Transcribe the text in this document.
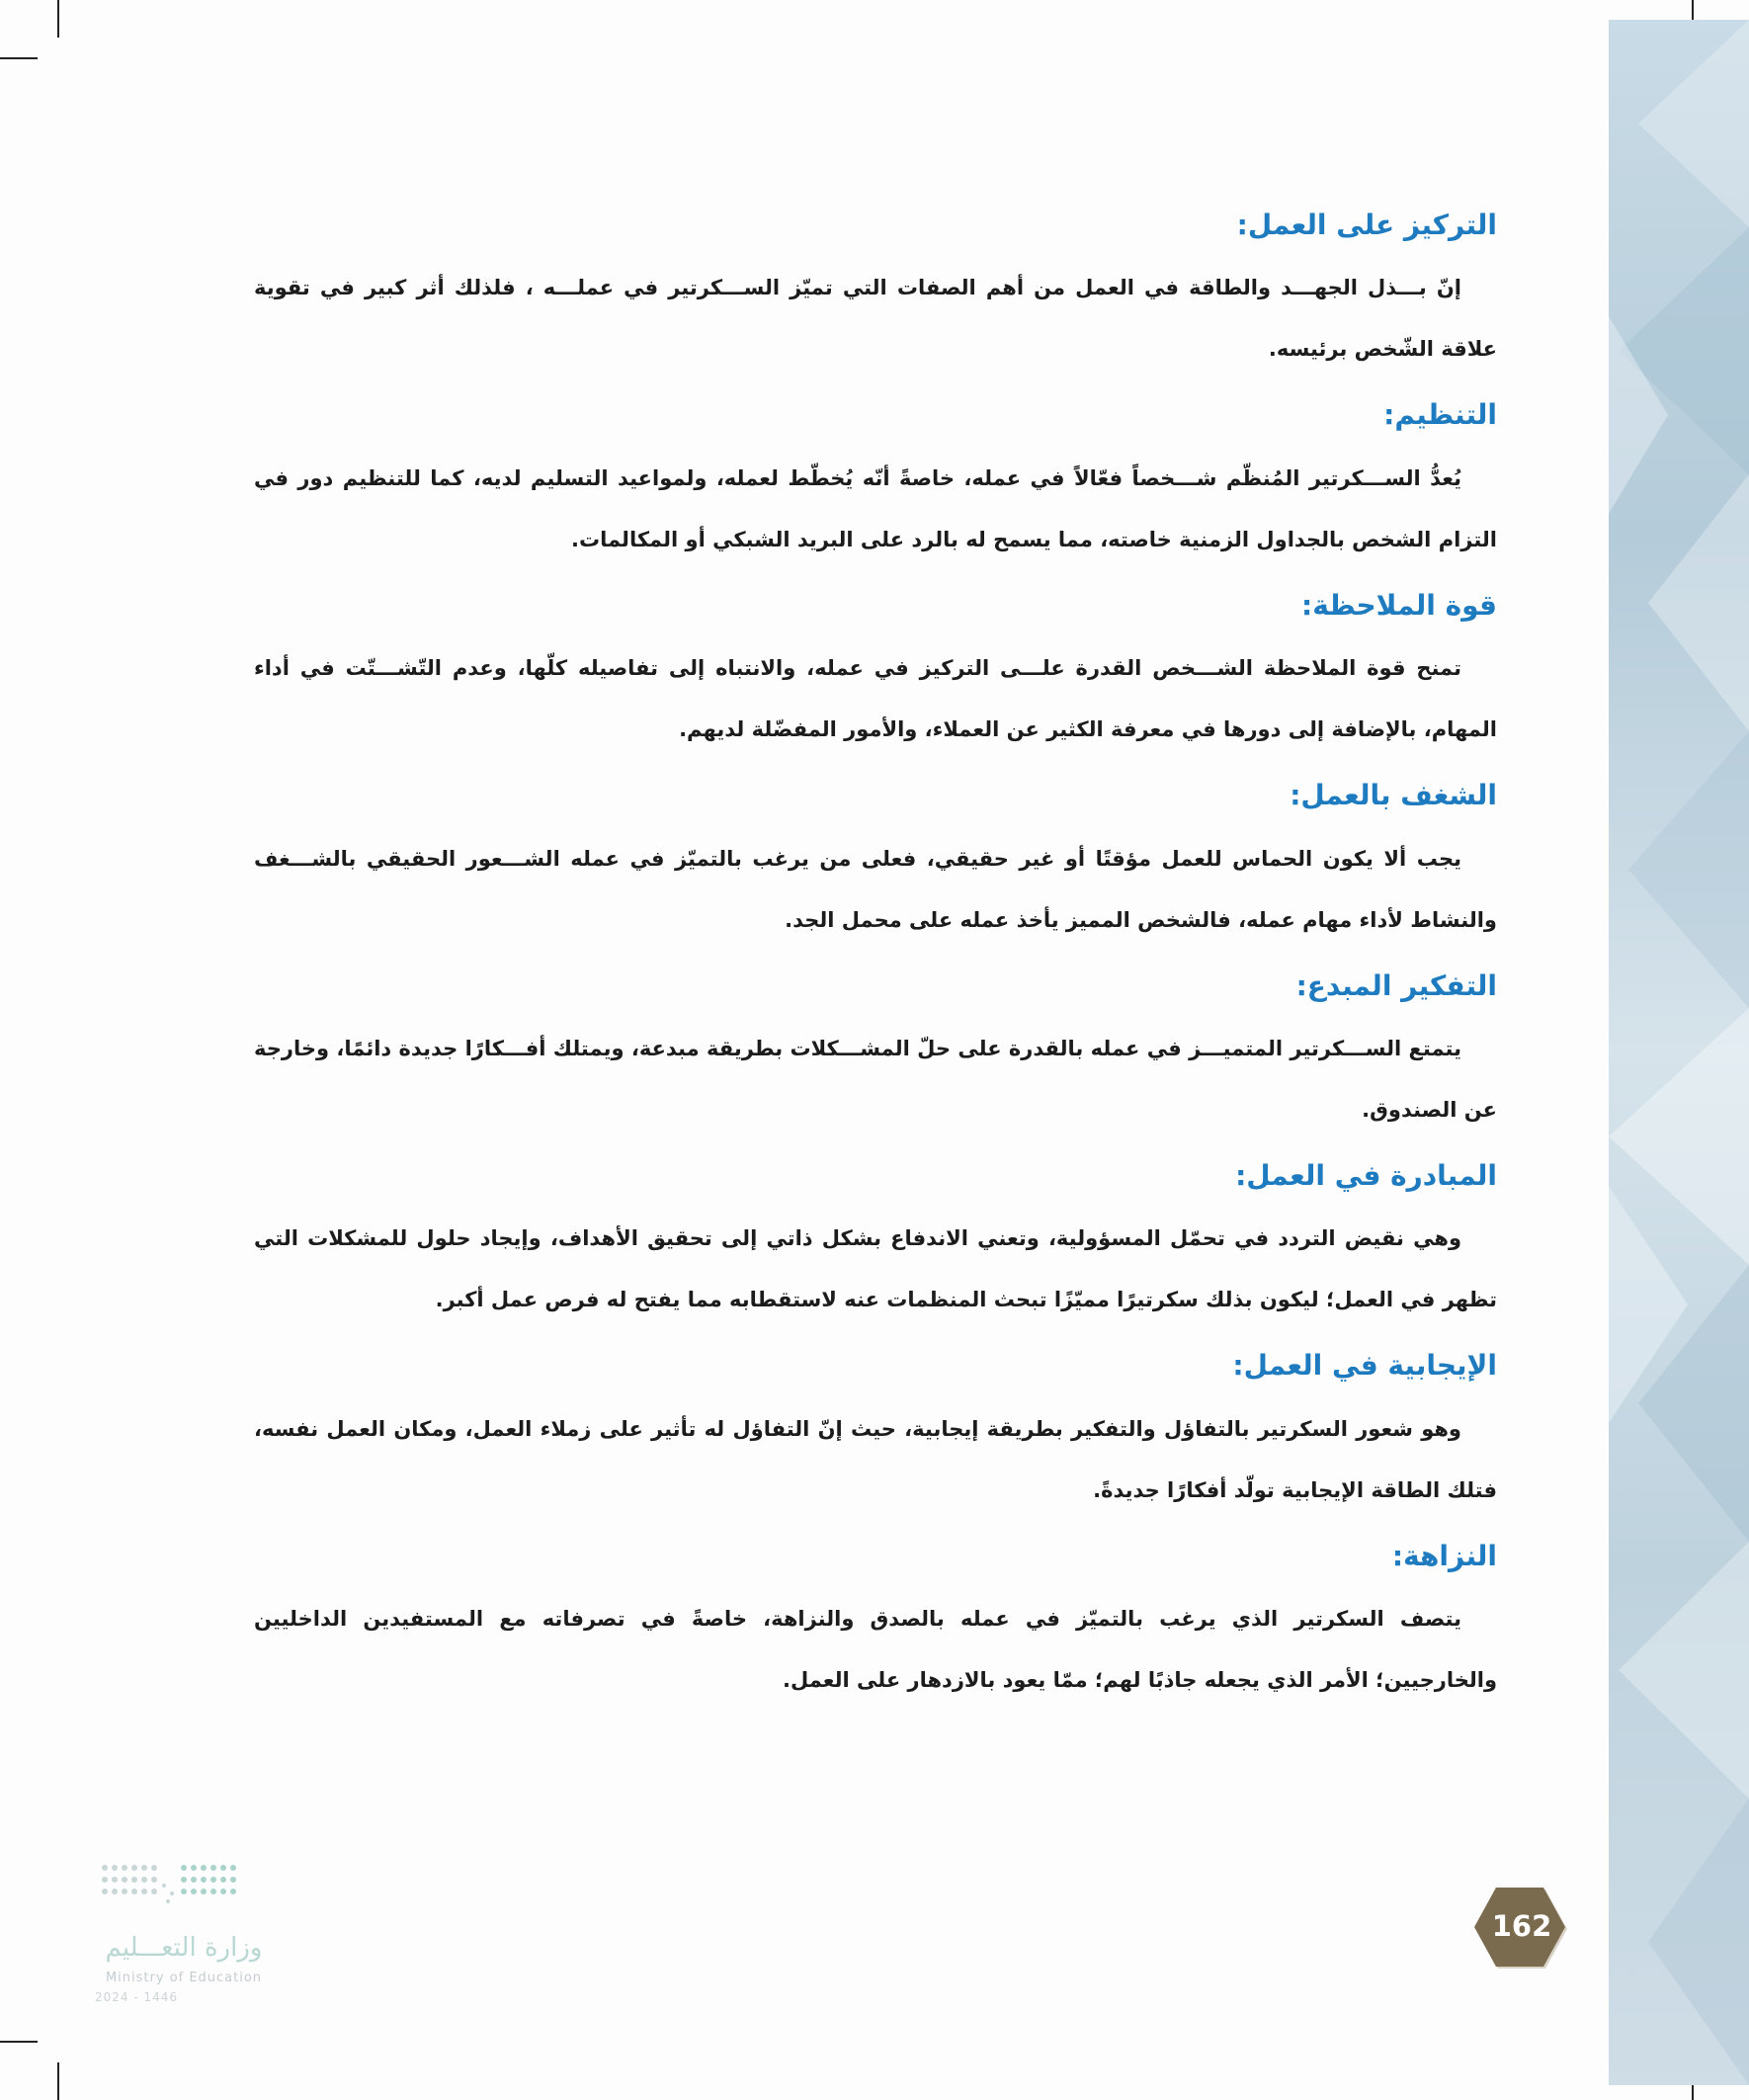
التركيز على العمل:

إنّ بـــذل الجهـــد والطاقة في العمل من أهم الصفات التي تميّز الســـكرتير في عملـــه ، فلذلك أثر كبير في تقوية علاقة الشّخص برئيسه.

التنظيم:

يُعدُّ الســـكرتير المُنظّم شـــخصاً فعّالاً في عمله، خاصةً أنّه يُخطّط لعمله، ولمواعيد التسليم لديه، كما للتنظيم دور في التزام الشخص بالجداول الزمنية خاصته، مما يسمح له بالرد على البريد الشبكي أو المكالمات.

قوة الملاحظة:

تمنح قوة الملاحظة الشـــخص القدرة علـــى التركيز في عمله، والانتباه إلى تفاصيله كلّها، وعدم التّشـــتّت في أداء المهام، بالإضافة إلى دورها في معرفة الكثير عن العملاء، والأمور المفضّلة لديهم.

الشغف بالعمل:

يجب ألا يكون الحماس للعمل مؤقتًا أو غير حقيقي، فعلى من يرغب بالتميّز في عمله الشـــعور الحقيقي بالشـــغف والنشاط لأداء مهام عمله، فالشخص المميز يأخذ عمله على محمل الجد.

التفكير المبدع:

يتمتع الســـكرتير المتميـــز في عمله بالقدرة على حلّ المشـــكلات بطريقة مبدعة، ويمتلك أفـــكارًا جديدة دائمًا، وخارجة عن الصندوق.

المبادرة في العمل:

وهي نقيض التردد في تحمّل المسؤولية، وتعني الاندفاع بشكل ذاتي إلى تحقيق الأهداف، وإيجاد حلول للمشكلات التي تظهر في العمل؛ ليكون بذلك سكرتيرًا مميّزًا تبحث المنظمات عنه لاستقطابه مما يفتح له فرص عمل أكبر.

الإيجابية في العمل:

وهو شعور السكرتير بالتفاؤل والتفكير بطريقة إيجابية، حيث إنّ التفاؤل له تأثير على زملاء العمل، ومكان العمل نفسه، فتلك الطاقة الإيجابية تولّد أفكارًا جديدةً.

النزاهة:

يتصف السكرتير الذي يرغب بالتميّز في عمله بالصدق والنزاهة، خاصةً في تصرفاته مع المستفيدين الداخليين والخارجيين؛ الأمر الذي يجعله جاذبًا لهم؛ ممّا يعود بالازدهار على العمل.

162
وزارة التعـــليم
Ministry of Education
2024 - 1446
